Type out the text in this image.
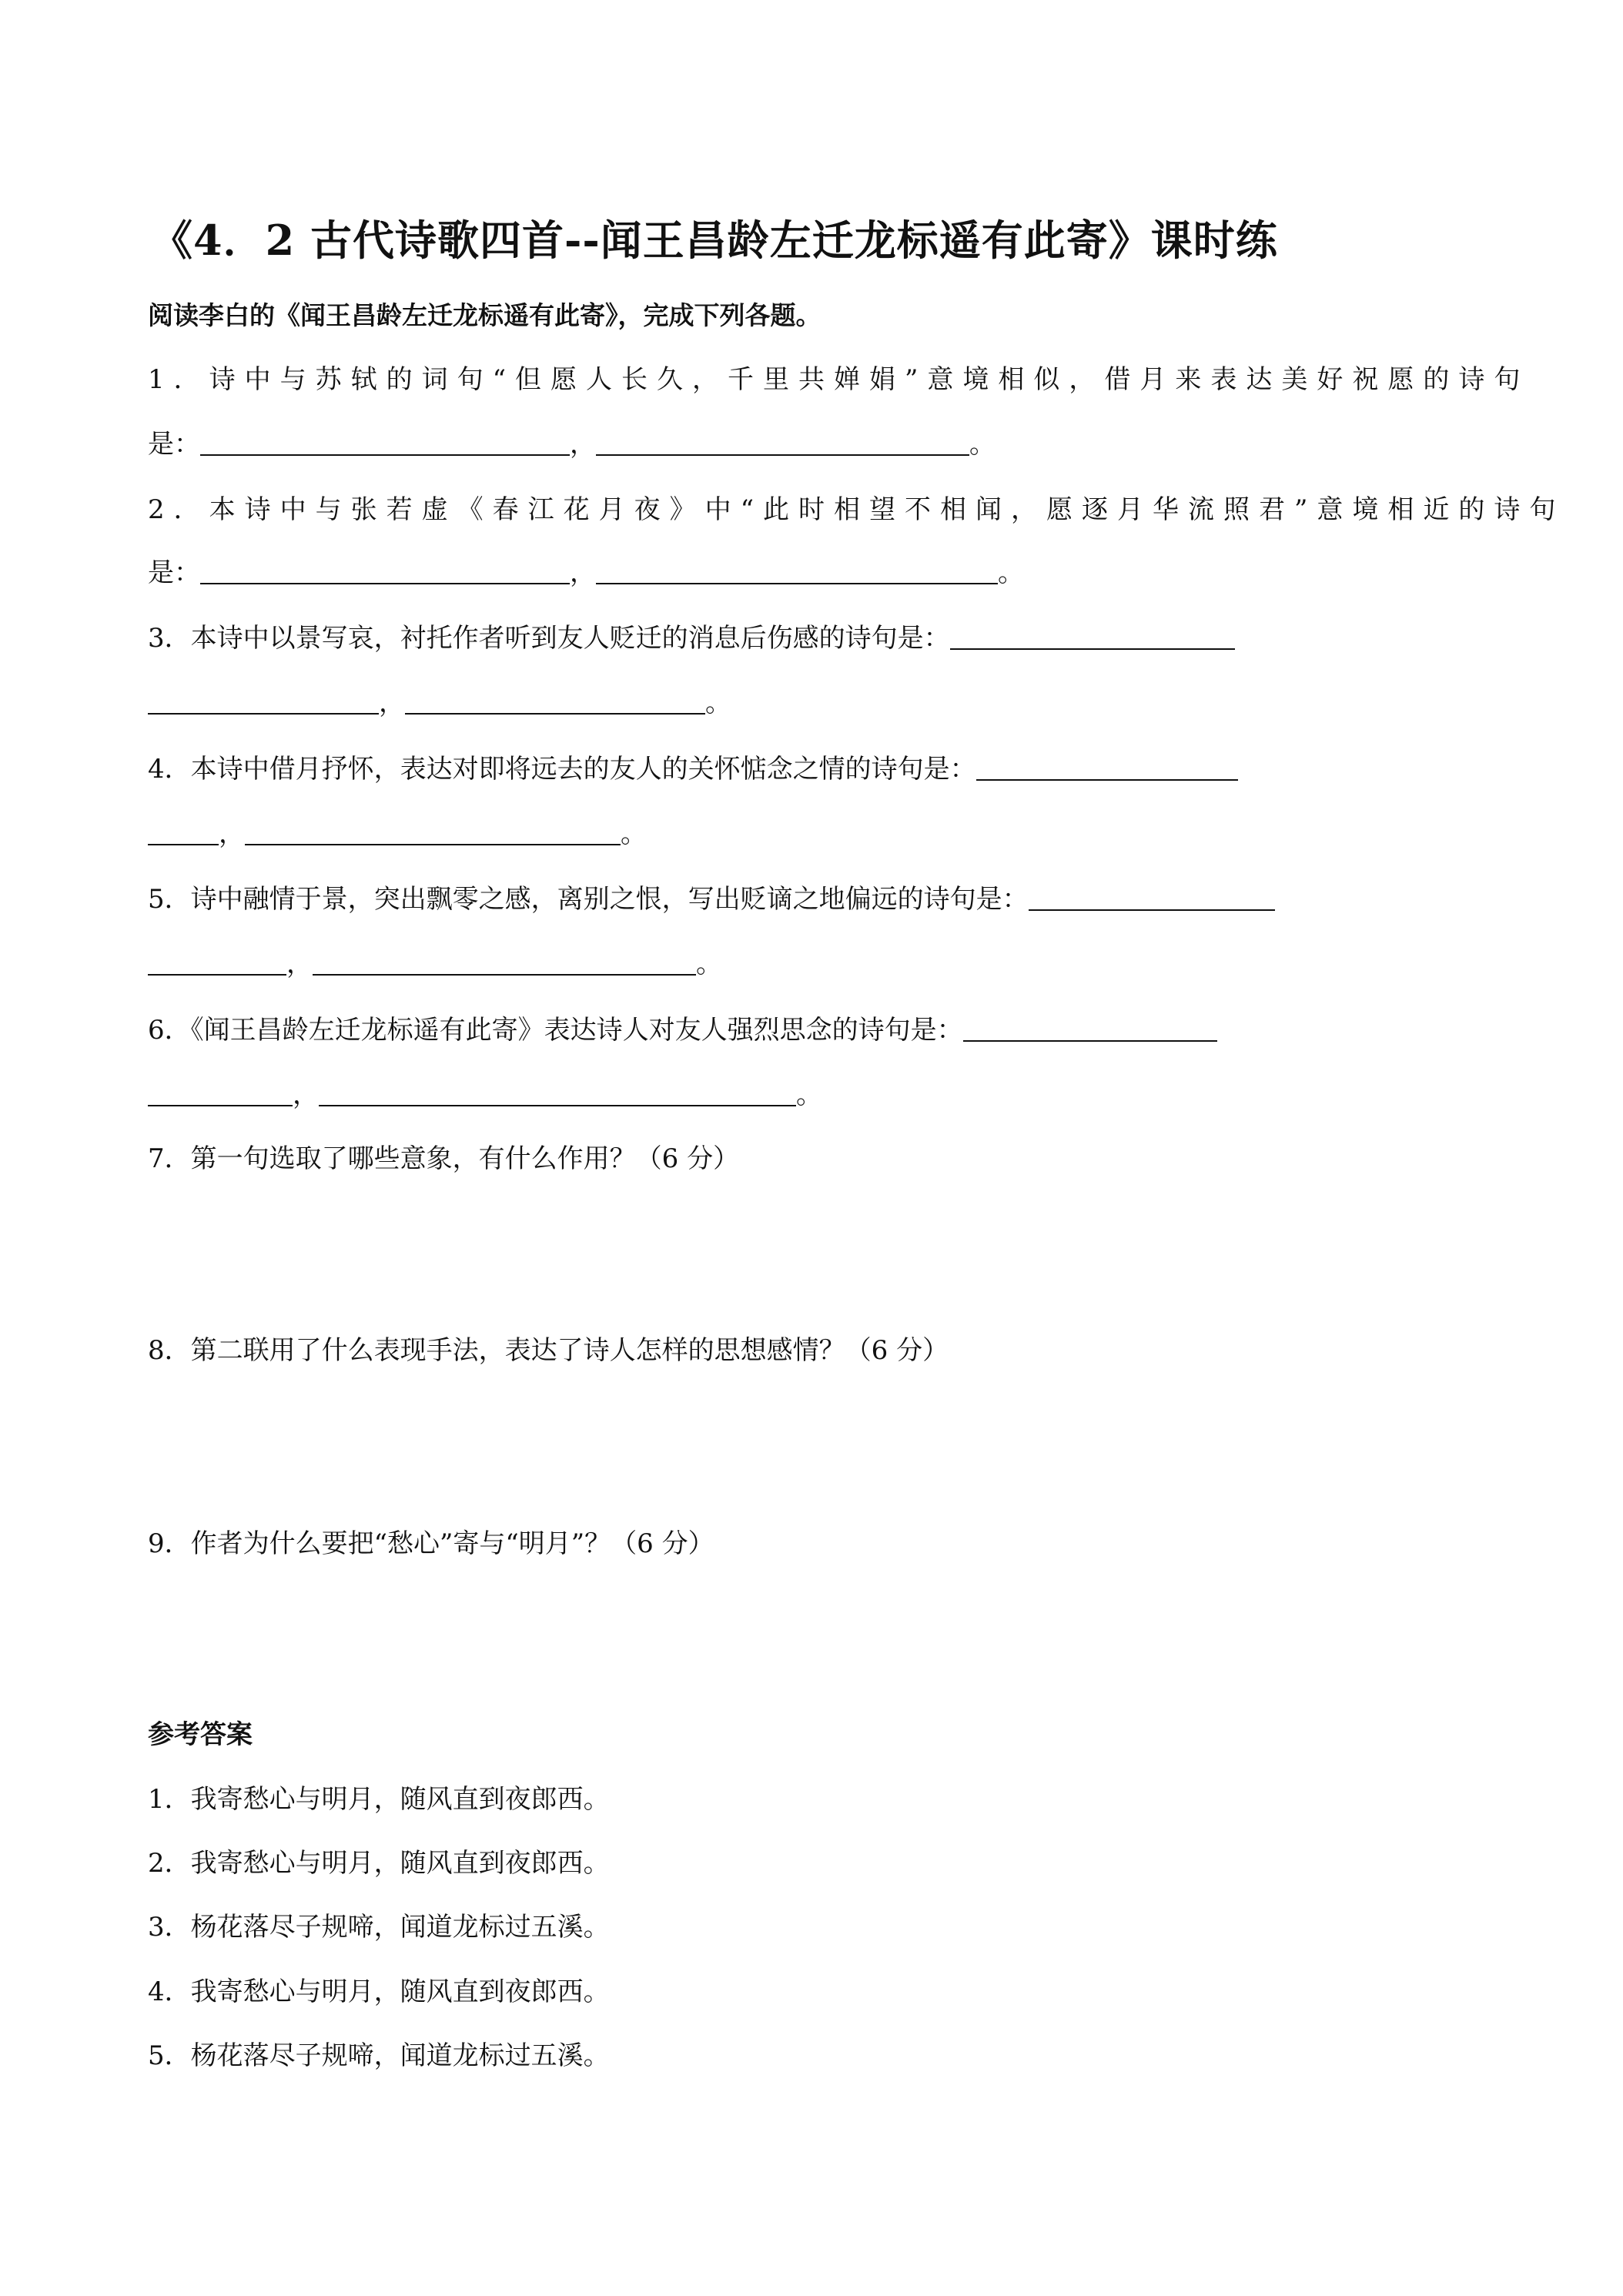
《4．2 古代诗歌四首--闻王昌龄左迁龙标遥有此寄》课时练
阅读李白的《闻王昌龄左迁龙标遥有此寄》，完成下列各题。
1．诗中与苏轼的词句“但愿人长久，千里共婵娟”意境相似，借月来表达美好祝愿的诗句
是：	，	。
2．本诗中与张若虚《春江花月夜》中“此时相望不相闻，愿逐月华流照君”意境相近的诗句
是：	，	。
3．本诗中以景写哀，衬托作者听到友人贬迁的消息后伤感的诗句是：
，	。
4．本诗中借月抒怀，表达对即将远去的友人的关怀惦念之情的诗句是：
，	。
5．诗中融情于景，突出飘零之感，离别之恨，写出贬谪之地偏远的诗句是：
，	。
6．《闻王昌龄左迁龙标遥有此寄》表达诗人对友人强烈思念的诗句是：
，	。
7．第一句选取了哪些意象，有什么作用？（6 分）
8．第二联用了什么表现手法，表达了诗人怎样的思想感情？（6 分）
9．作者为什么要把“愁心”寄与“明月”？（6 分）
参考答案
1．我寄愁心与明月，随风直到夜郎西。
2．我寄愁心与明月，随风直到夜郎西。
3．杨花落尽子规啼，闻道龙标过五溪。
4．我寄愁心与明月，随风直到夜郎西。
5．杨花落尽子规啼，闻道龙标过五溪。
